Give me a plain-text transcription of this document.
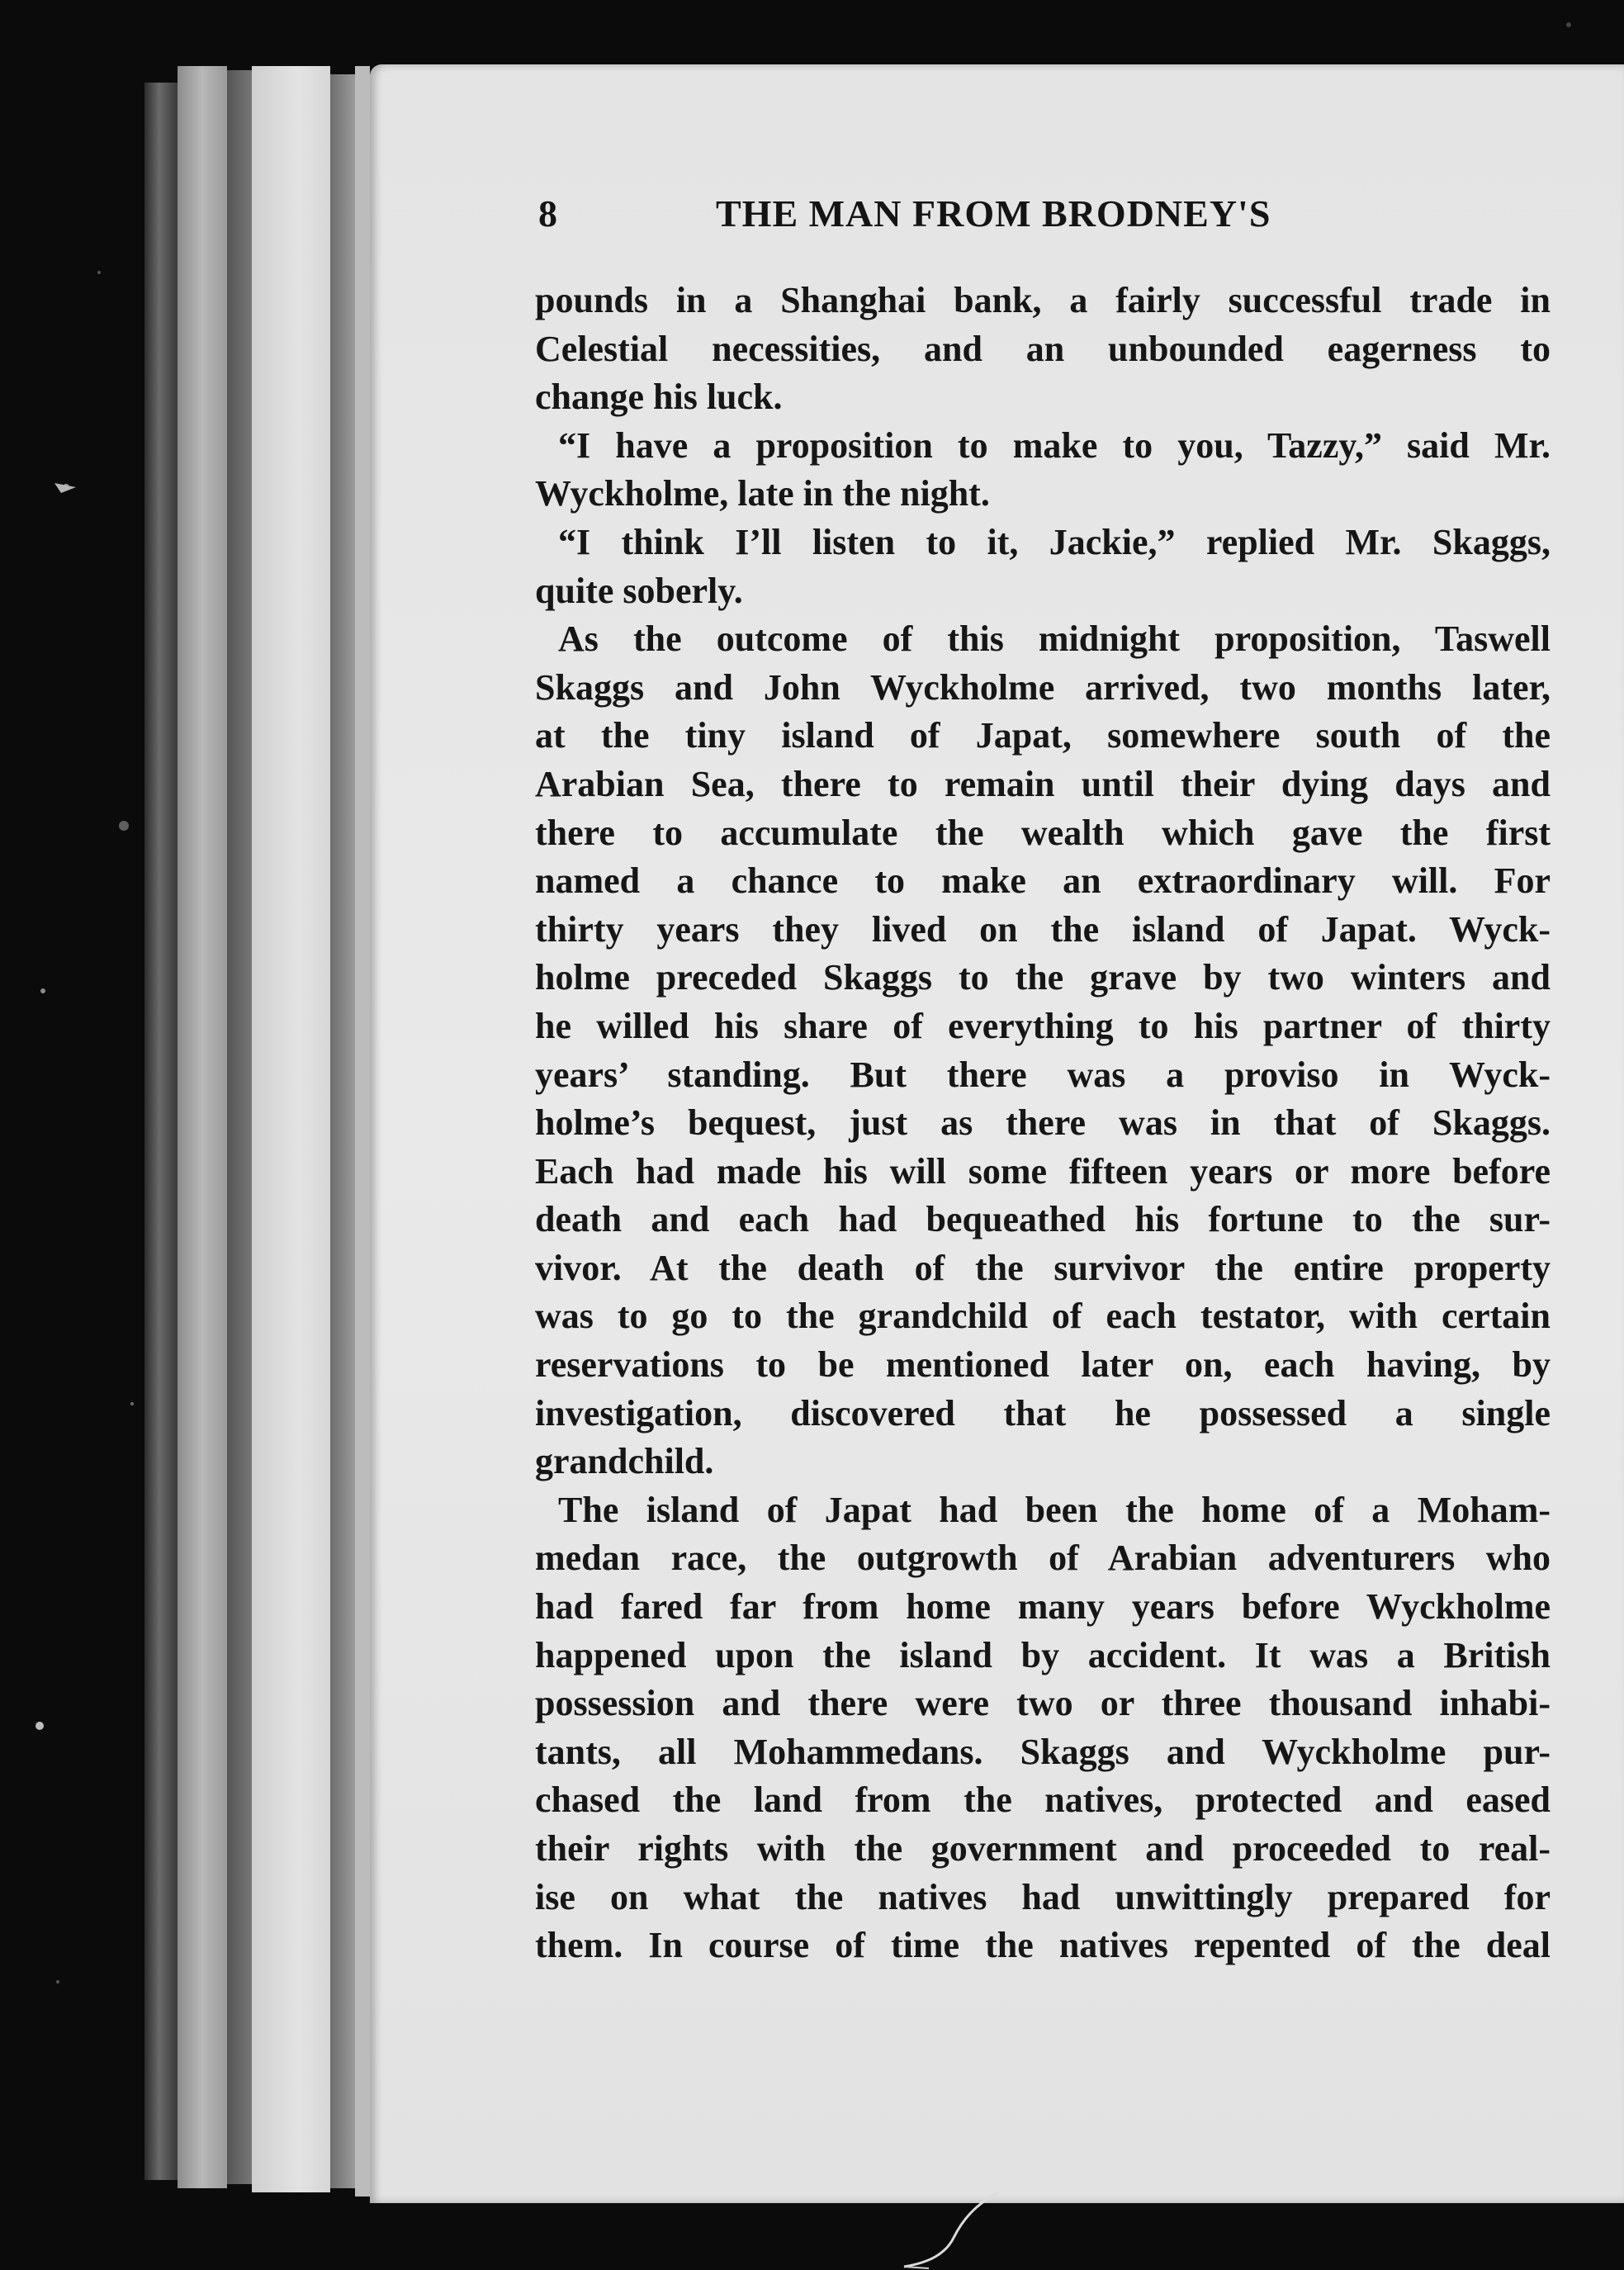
8	THE MAN FROM BRODNEY'S
pounds in a Shanghai bank, a fairly successful trade in
Celestial necessities, and an unbounded eagerness to
change his luck.
“I have a proposition to make to you, Tazzy,” said Mr.
Wyckholme, late in the night.
“I think I’ll listen to it, Jackie,” replied Mr. Skaggs,
quite soberly.
As the outcome of this midnight proposition, Taswell
Skaggs and John Wyckholme arrived, two months later,
at the tiny island of Japat, somewhere south of the
Arabian Sea, there to remain until their dying days and
there to accumulate the wealth which gave the first
named a chance to make an extraordinary will. For
thirty years they lived on the island of Japat. Wyck-
holme preceded Skaggs to the grave by two winters and
he willed his share of everything to his partner of thirty
years’ standing. But there was a proviso in Wyck-
holme’s bequest, just as there was in that of Skaggs.
Each had made his will some fifteen years or more before
death and each had bequeathed his fortune to the sur-
vivor. At the death of the survivor the entire property
was to go to the grandchild of each testator, with certain
reservations to be mentioned later on, each having, by
investigation, discovered that he possessed a single
grandchild.
The island of Japat had been the home of a Moham-
medan race, the outgrowth of Arabian adventurers who
had fared far from home many years before Wyckholme
happened upon the island by accident. It was a British
possession and there were two or three thousand inhabi-
tants, all Mohammedans. Skaggs and Wyckholme pur-
chased the land from the natives, protected and eased
their rights with the government and proceeded to real-
ise on what the natives had unwittingly prepared for
them. In course of time the natives repented of the deal
